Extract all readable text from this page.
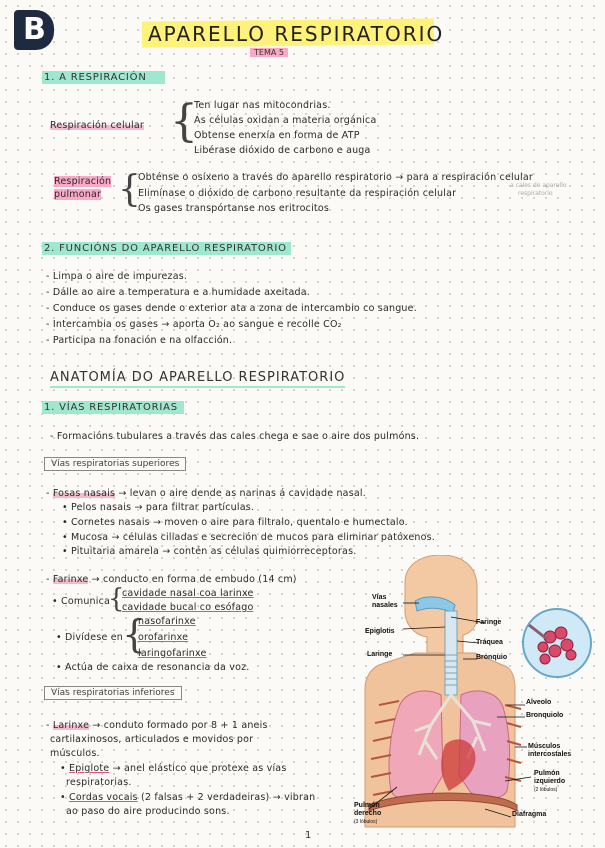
B	APARELLO RESPIRATORIO
TEMA 5
1. A RESPIRACIÓN
Respiración celular {
Ten lugar nas mitocondrias.
As células oxidan a materia orgánica
Obtense enerxía en forma de ATP
Libérase dióxido de carbono e auga
Respiración
pulmonar {
Obténse o osíxeno a través do aparello respiratorio → para a respiración celular
Elimínase o dióxido de carbono resultante da respiración celular
Os gases transpórtanse nos eritrocitos
a cales de aparello
respiratorio
2. FUNCIÓNS DO APARELLO RESPIRATORIO
- Limpa o aire de impurezas.
- Dálle ao aire a temperatura e a humidade axeitada.
- Conduce os gases dende o exterior ata a zona de intercambio co sangue.
- Intercambia os gases → aporta O₂ ao sangue e recolle CO₂
- Participa na fonación e na olfacción.
ANATOMÍA DO APARELLO RESPIRATORIO
1. VÍAS RESPIRATORIAS
- Formacións tubulares a través das cales chega e sae o aire dos pulmóns.
Vías respiratorias superiores
- Fosas nasais → levan o aire dende as narinas á cavidade nasal.
• Pelos nasais → para filtrar partículas.
• Cornetes nasais → moven o aire para filtralo, quentalo e humectalo.
• Mucosa → células ciliadas e secreción de mucos para eliminar patóxenos.
• Pituitaria amarela → contén as células quimiorreceptoras.
- Farinxe → conducto en forma de embudo (14 cm)
• Comunica
{
cavidade nasal coa larinxe
cavidade bucal co esófago
• Divídese en
{
nasofarinxe
orofarinxe
laringofarinxe
• Actúa de caixa de resonancia da voz.
Vías respiratorias inferiores
- Larinxe → conduto formado por 8 + 1 aneis
cartilaxinosos, articulados e movidos por
músculos.
• Epiglote → anel elástico que protexe as vías
respiratorias.
• Cordas vocais (2 falsas + 2 verdadeiras) → vibran
ao paso do aire producindo sons.
1
Vías nasales
Faringe
Epiglotis
Tráquea
Laringe	Bronquio
Alveolo
Bronquiolo
Músculos intercostales
Pulmón izquierdo
(2 lóbulos)
Pulmón derecho
(3 lóbulos)
Diafragma
